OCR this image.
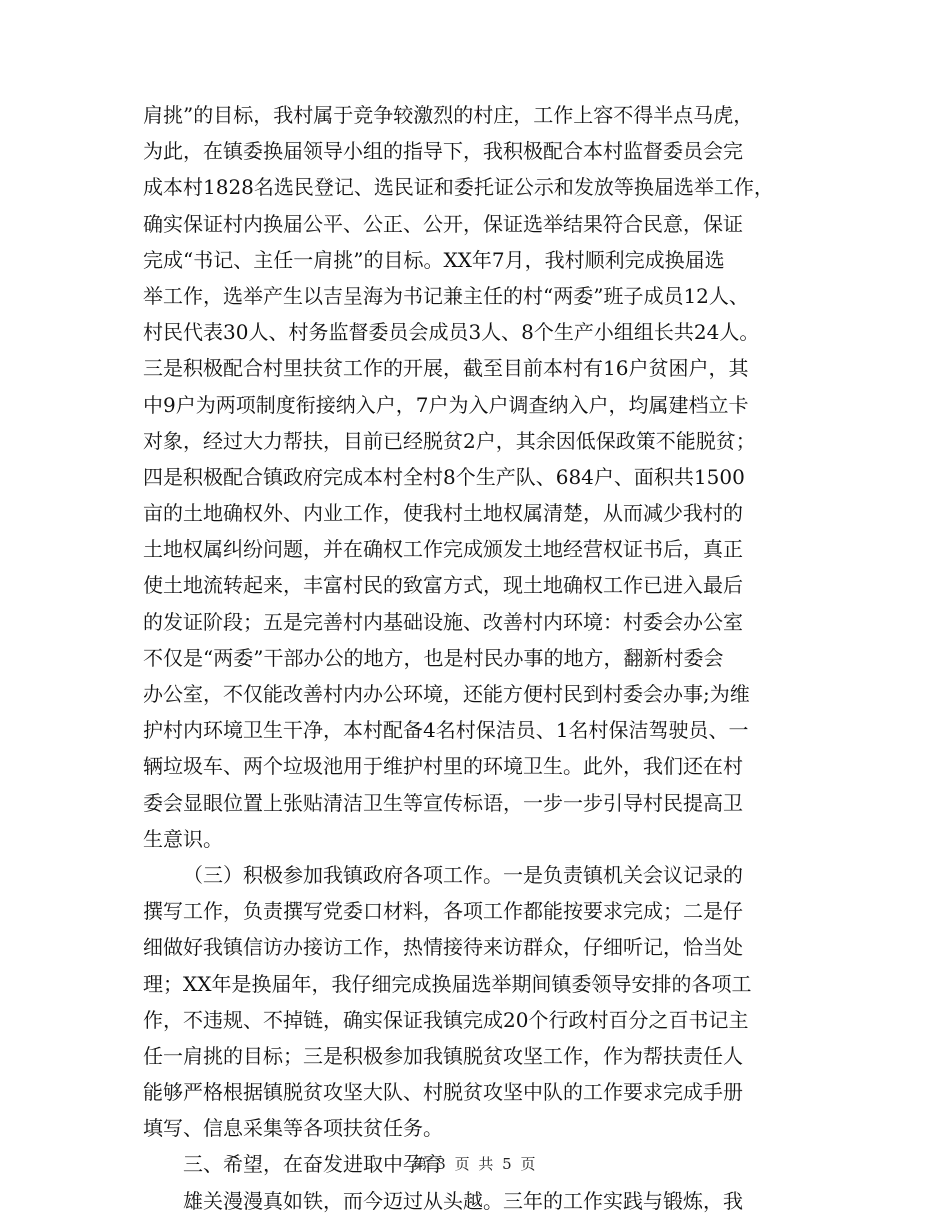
肩挑”的目标，我村属于竞争较激烈的村庄，工作上容不得半点马虎，
为此，在镇委换届领导小组的指导下，我积极配合本村监督委员会完
成本村1828名选民登记、选民证和委托证公示和发放等换届选举工作，
确实保证村内换届公平、公正、公开，保证选举结果符合民意，保证
完成“书记、主任一肩挑”的目标。XX年7月，我村顺利完成换届选
举工作，选举产生以吉呈海为书记兼主任的村“两委”班子成员12人、
村民代表30人、村务监督委员会成员3人、8个生产小组组长共24人。
三是积极配合村里扶贫工作的开展，截至目前本村有16户贫困户，其
中9户为两项制度衔接纳入户，7户为入户调查纳入户，均属建档立卡
对象，经过大力帮扶，目前已经脱贫2户，其余因低保政策不能脱贫；
四是积极配合镇政府完成本村全村8个生产队、684户、面积共1500
亩的土地确权外、内业工作，使我村土地权属清楚，从而减少我村的
土地权属纠纷问题，并在确权工作完成颁发土地经营权证书后，真正
使土地流转起来，丰富村民的致富方式，现土地确权工作已进入最后
的发证阶段；五是完善村内基础设施、改善村内环境：村委会办公室
不仅是“两委”干部办公的地方，也是村民办事的地方，翻新村委会
办公室，不仅能改善村内办公环境，还能方便村民到村委会办事;为维
护村内环境卫生干净，本村配备4名村保洁员、1名村保洁驾驶员、一
辆垃圾车、两个垃圾池用于维护村里的环境卫生。此外，我们还在村
委会显眼位置上张贴清洁卫生等宣传标语，一步一步引导村民提高卫
生意识。
（三）积极参加我镇政府各项工作。一是负责镇机关会议记录的
撰写工作，负责撰写党委口材料，各项工作都能按要求完成；二是仔
细做好我镇信访办接访工作，热情接待来访群众，仔细听记，恰当处
理；XX年是换届年，我仔细完成换届选举期间镇委领导安排的各项工
作，不违规、不掉链，确实保证我镇完成20个行政村百分之百书记主
任一肩挑的目标；三是积极参加我镇脱贫攻坚工作，作为帮扶责任人
能够严格根据镇脱贫攻坚大队、村脱贫攻坚中队的工作要求完成手册
填写、信息采集等各项扶贫任务。
三、希望，在奋发进取中孕育
雄关漫漫真如铁，而今迈过从头越。三年的工作实践与锻炼，我
第 3 页 共 5 页
